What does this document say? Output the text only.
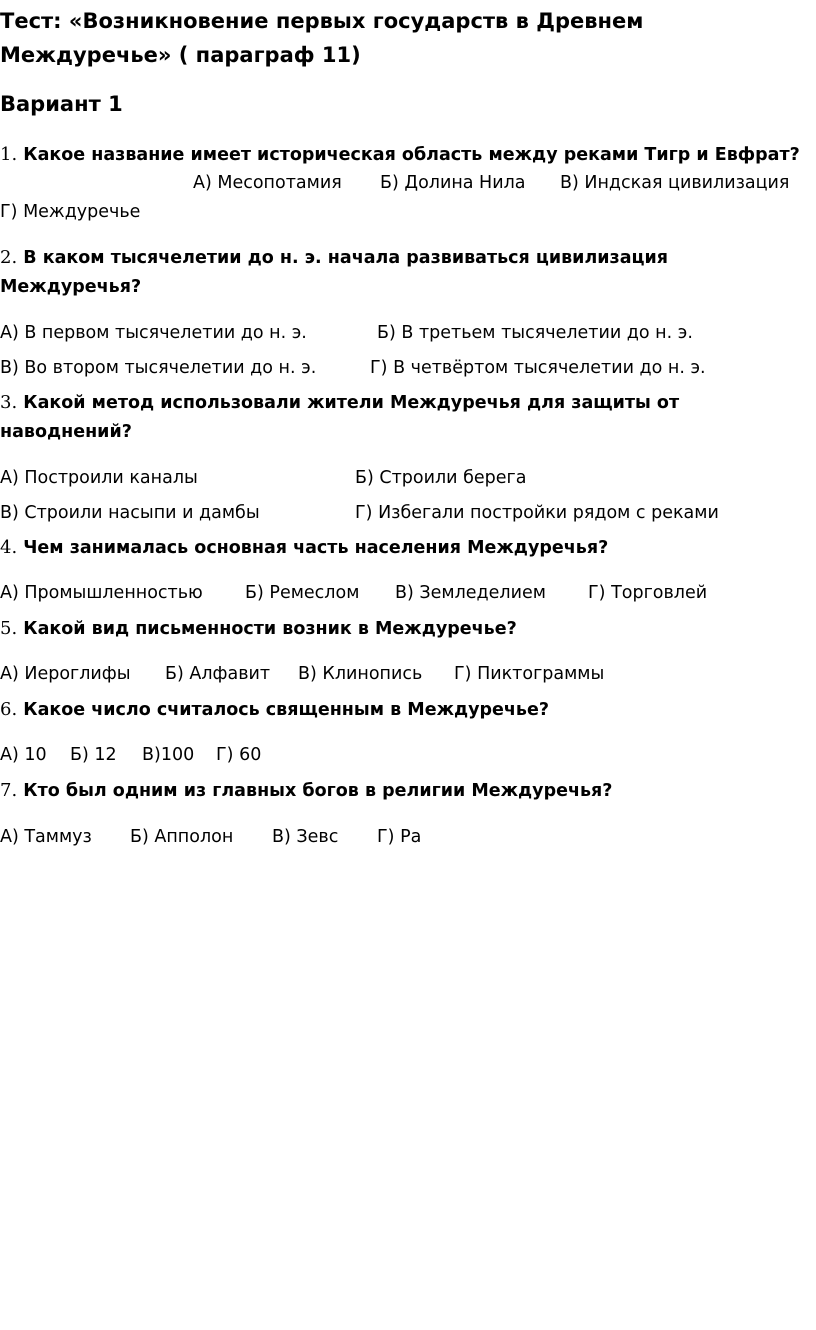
Тест: «Возникновение первых государств в Древнем Междуречье» ( параграф 11)
Вариант 1

1. Какое название имеет историческая область между реками Тигр и Евфрат?

А) Месопотамия Б) Долина Нила В) Индская цивилизация
Г) Междуречье

2. В каком тысячелетии до н. э. начала развиваться цивилизация Междуречья?

А) В первом тысячелетии до н. э.	Б) В третьем тысячелетии до н. э.
В) Во втором тысячелетии до н. э.	Г) В четвёртом тысячелетии до н. э.

3. Какой метод использовали жители Междуречья для защиты от наводнений?

А) Построили каналы	Б) Строили берега
В) Строили насыпи и дамбы	Г) Избегали постройки рядом с реками

4. Чем занималась основная часть населения Междуречья?

А) Промышленностью Б) Ремеслом В) Земледелием Г) Торговлей

5. Какой вид письменности возник в Междуречье?

А) Иероглифы Б) Алфавит В) Клинопись Г) Пиктограммы

6. Какое число считалось священным в Междуречье?

А) 10 Б) 12 В)100 Г) 60

7. Кто был одним из главных богов в религии Междуречья?

А) Таммуз Б) Апполон В) Зевс Г) Ра
